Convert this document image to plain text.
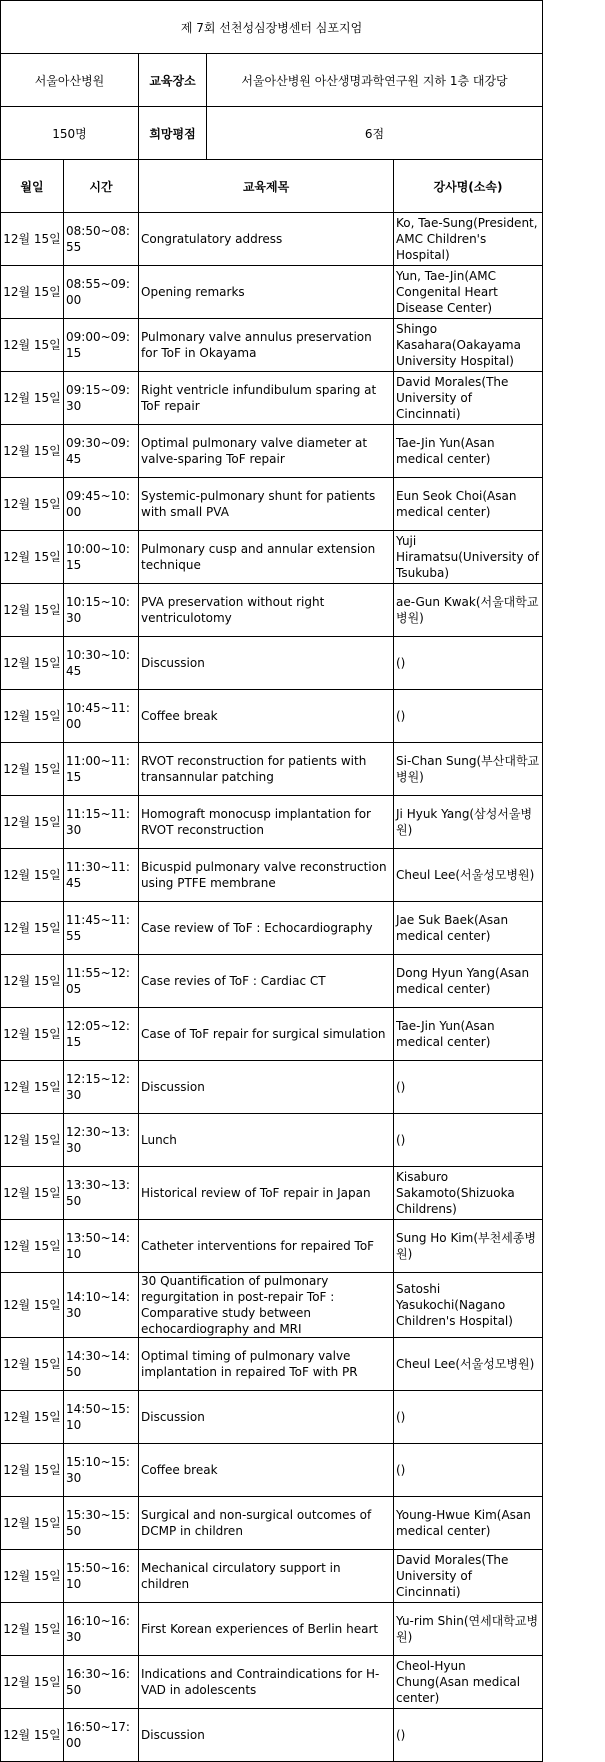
제 7회 선천성심장병센터 심포지엄		
서울아산병원	교육장소	서울아산병원 아산생명과학연구원 지하 1층 대강당
150명	희망평점	6점
월일	시간	교육제목	강사명(소속)
12월 15일	08:50~08:55	Congratulatory address	Ko, Tae-Sung(President, AMC Children's Hospital)
12월 15일	08:55~09:00	Opening remarks	Yun, Tae-Jin(AMC Congenital Heart Disease Center)
12월 15일	09:00~09:15	Pulmonary valve annulus preservation for ToF in Okayama	Shingo Kasahara(Oakayama University Hospital)
12월 15일	09:15~09:30	Right ventricle infundibulum sparing at ToF repair	David Morales(The University of Cincinnati)
12월 15일	09:30~09:45	Optimal pulmonary valve diameter at valve-sparing ToF repair	Tae-Jin Yun(Asan medical center)
12월 15일	09:45~10:00	Systemic-pulmonary shunt for patients with small PVA	Eun Seok Choi(Asan medical center)
12월 15일	10:00~10:15	Pulmonary cusp and annular extension technique	Yuji Hiramatsu(University of Tsukuba)
12월 15일	10:15~10:30	PVA preservation without right ventriculotomy	ae-Gun Kwak(서울대학교병원)
12월 15일	10:30~10:45	Discussion	()
12월 15일	10:45~11:00	Coffee break	()
12월 15일	11:00~11:15	RVOT reconstruction for patients with transannular patching	Si-Chan Sung(부산대학교병원)
12월 15일	11:15~11:30	Homograft monocusp implantation for RVOT reconstruction	Ji Hyuk Yang(삼성서울병원)
12월 15일	11:30~11:45	Bicuspid pulmonary valve reconstruction using PTFE membrane	Cheul Lee(서울성모병원)
12월 15일	11:45~11:55	Case review of ToF : Echocardiography	Jae Suk Baek(Asan medical center)
12월 15일	11:55~12:05	Case revies of ToF : Cardiac CT	Dong Hyun Yang(Asan medical center)
12월 15일	12:05~12:15	Case of ToF repair for surgical simulation	Tae-Jin Yun(Asan medical center)
12월 15일	12:15~12:30	Discussion	()
12월 15일	12:30~13:30	Lunch	()
12월 15일	13:30~13:50	Historical review of ToF repair in Japan	Kisaburo Sakamoto(Shizuoka Childrens)
12월 15일	13:50~14:10	Catheter interventions for repaired ToF	Sung Ho Kim(부천세종병원)
12월 15일	14:10~14:30	30 Quantification of pulmonary regurgitation in post-repair ToF : Comparative study between echocardiography and MRI	Satoshi Yasukochi(Nagano Children's Hospital)
12월 15일	14:30~14:50	Optimal timing of pulmonary valve implantation in repaired ToF with PR	Cheul Lee(서울성모병원)
12월 15일	14:50~15:10	Discussion	()
12월 15일	15:10~15:30	Coffee break	()
12월 15일	15:30~15:50	Surgical and non-surgical outcomes of DCMP in children	Young-Hwue Kim(Asan medical center)
12월 15일	15:50~16:10	Mechanical circulatory support in children	David Morales(The University of Cincinnati)
12월 15일	16:10~16:30	First Korean experiences of Berlin heart	Yu-rim Shin(연세대학교병원)
12월 15일	16:30~16:50	Indications and Contraindications for H-VAD in adolescents	Cheol-Hyun Chung(Asan medical center)
12월 15일	16:50~17:00	Discussion	()
